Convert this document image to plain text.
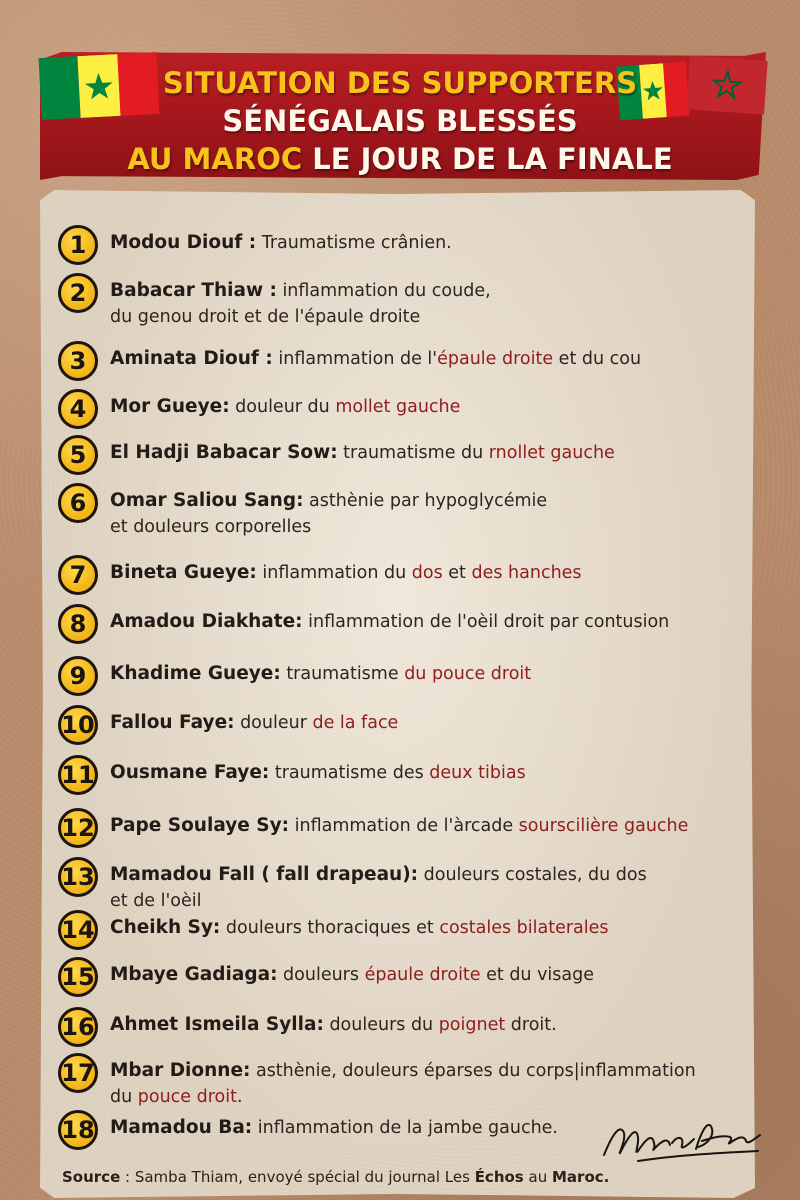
SITUATION DES SUPPORTERS
SÉNÉGALAIS BLESSÉS
AU MAROC LE JOUR DE LA FINALE
1	Modou Diouf : Traumatisme crânien.
2	Babacar Thiaw : inflammation du coude,
du genou droit et de l'épaule droite
3	Aminata Diouf : inflammation de l'épaule droite et du cou
4	Mor Gueye: douleur du mollet gauche
5	El Hadji Babacar Sow: traumatisme du rnollet gauche
6	Omar Saliou Sang: asthènie par hypoglycémie
et douleurs corporelles
7	Bineta Gueye: inflammation du dos et des hanches
8	Amadou Diakhate: inflammation de l'oèil droit par contusion
9	Khadime Gueye: traumatisme du pouce droit
10 Fallou Faye: douleur de la face
11 Ousmane Faye: traumatisme des deux tibias
12 Pape Soulaye Sy: inflammation de l'àrcade sourscilière gauche
13 Mamadou Fall ( fall drapeau): douleurs costales, du dos
et de l'oèil
14 Cheikh Sy: douleurs thoraciques et costales bilaterales
15 Mbaye Gadiaga: douleurs épaule droite et du visage
16 Ahmet Ismeila Sylla: douleurs du poignet droit.
17 Mbar Dionne: asthènie, douleurs éparses du corps|inflammation
du pouce droit.
18 Mamadou Ba: inflammation de la jambe gauche.
Source : Samba Thiam, envoyé spécial du journal Les Échos au Maroc.
